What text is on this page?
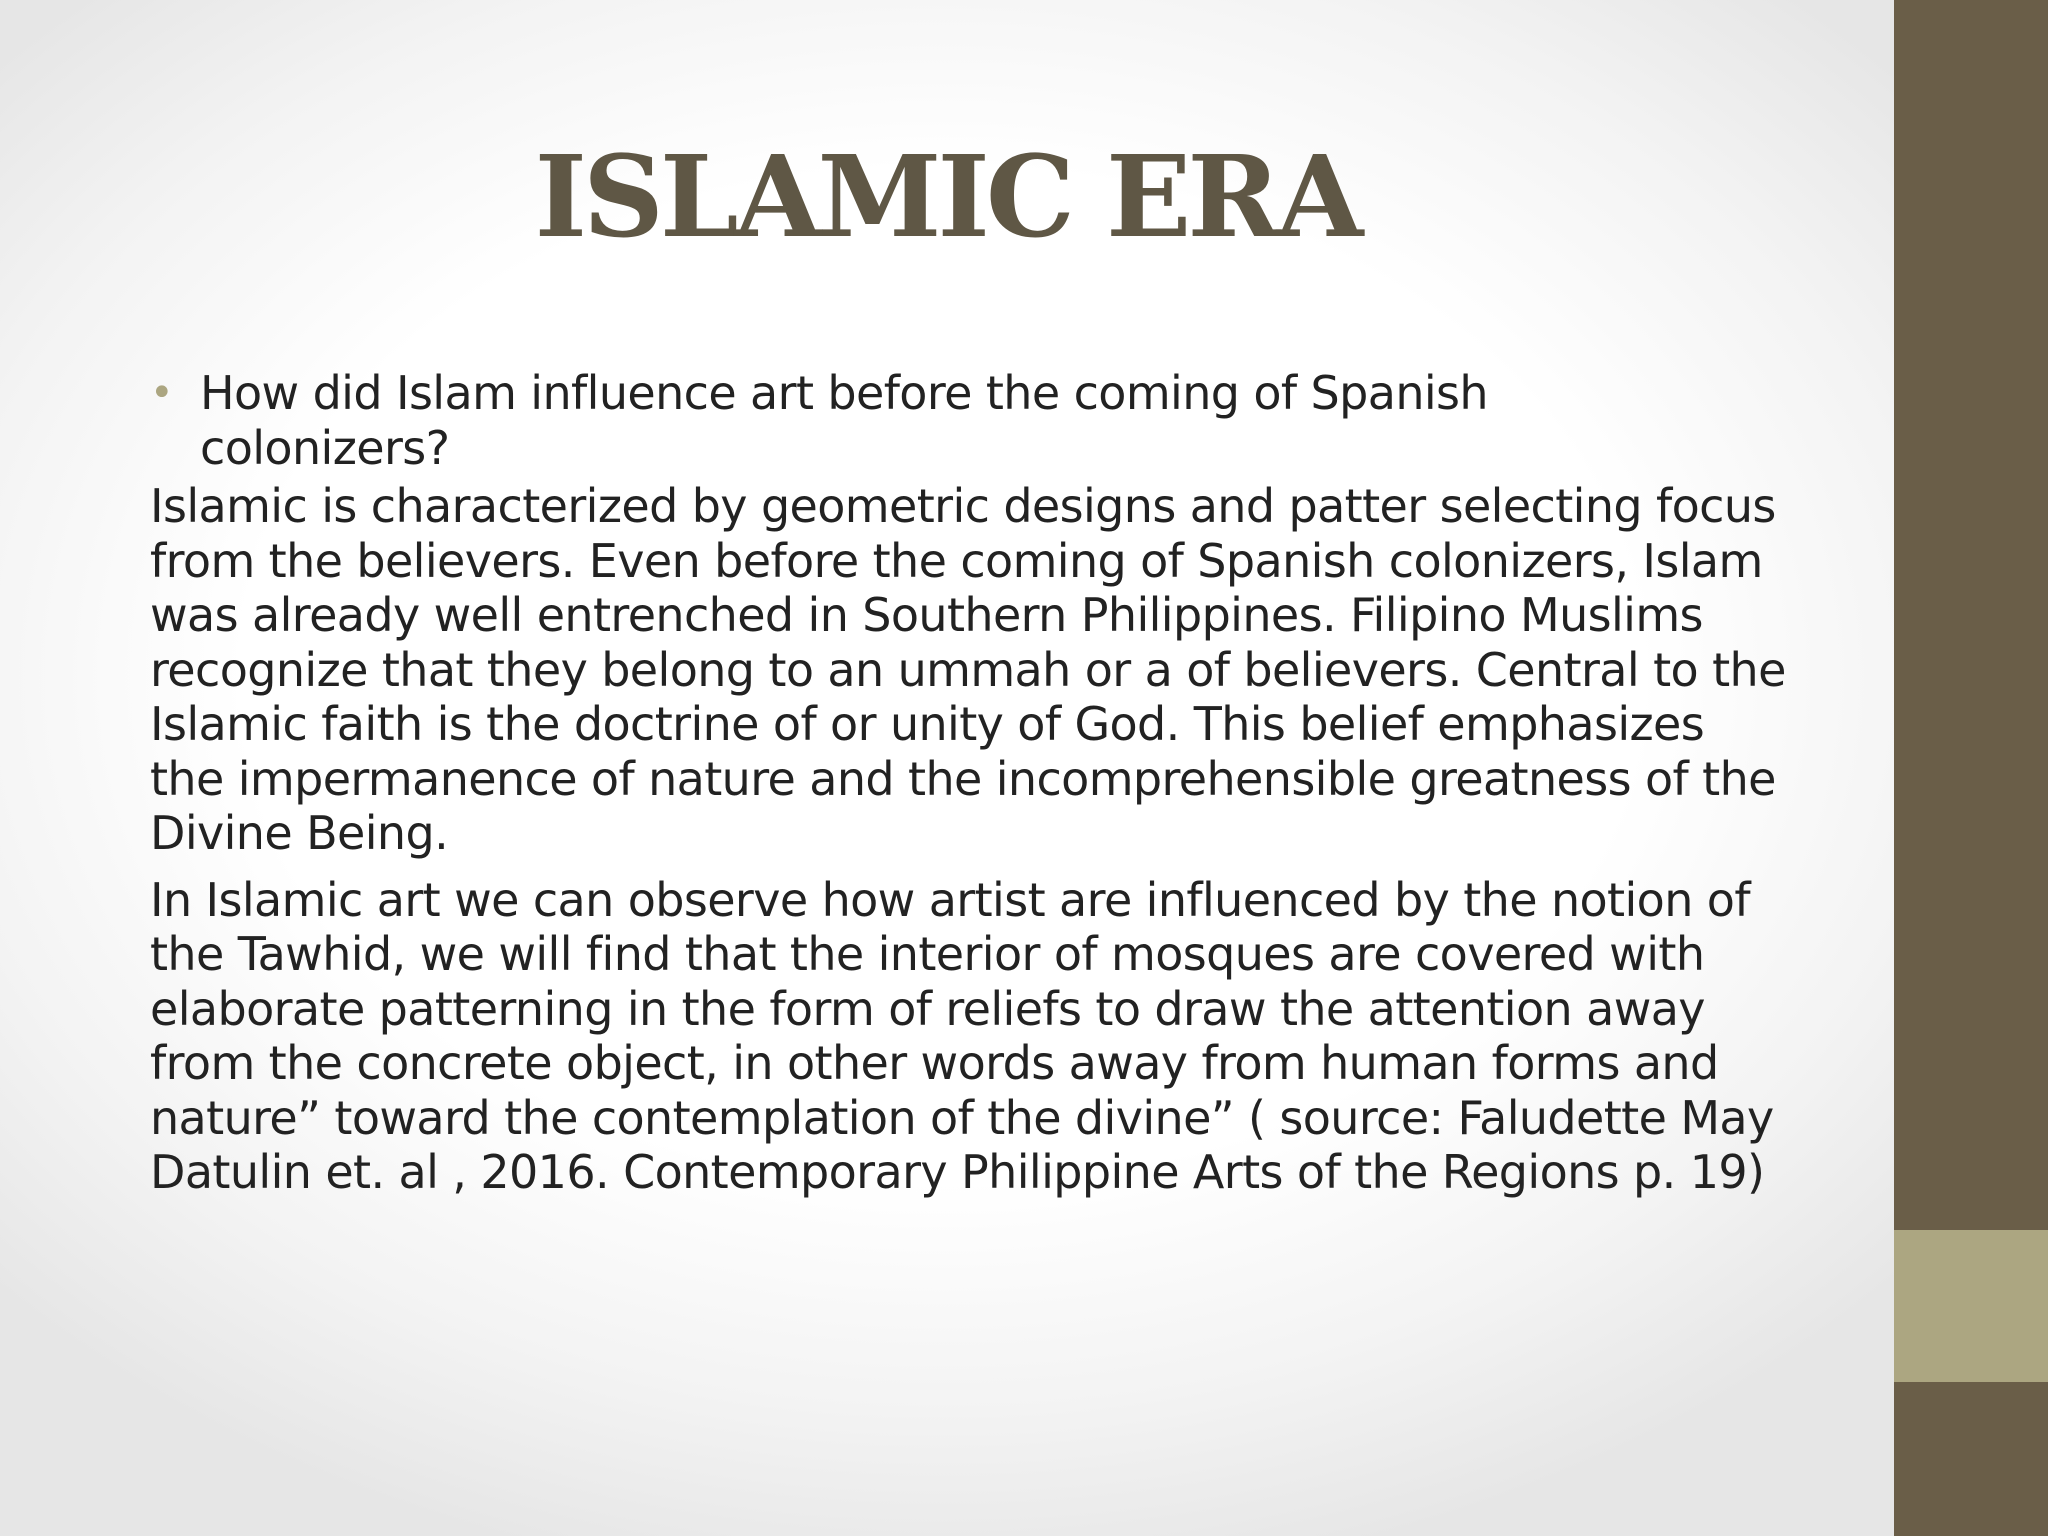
ISLAMIC ERA
• How did Islam influence art before the coming of Spanish colonizers?

Islamic is characterized by geometric designs and patter selecting focus from the believers. Even before the coming of Spanish colonizers, Islam was already well entrenched in Southern Philippines. Filipino Muslims recognize that they belong to an ummah or a of believers. Central to the Islamic faith is the doctrine of or unity of God. This belief emphasizes the impermanence of nature and the incomprehensible greatness of the Divine Being.

In Islamic art we can observe how artist are influenced by the notion of the Tawhid, we will find that the interior of mosques are covered with elaborate patterning in the form of reliefs to draw the attention away from the concrete object, in other words away from human forms and nature” toward the contemplation of the divine” ( source: Faludette May Datulin et. al , 2016. Contemporary Philippine Arts of the Regions p. 19)
